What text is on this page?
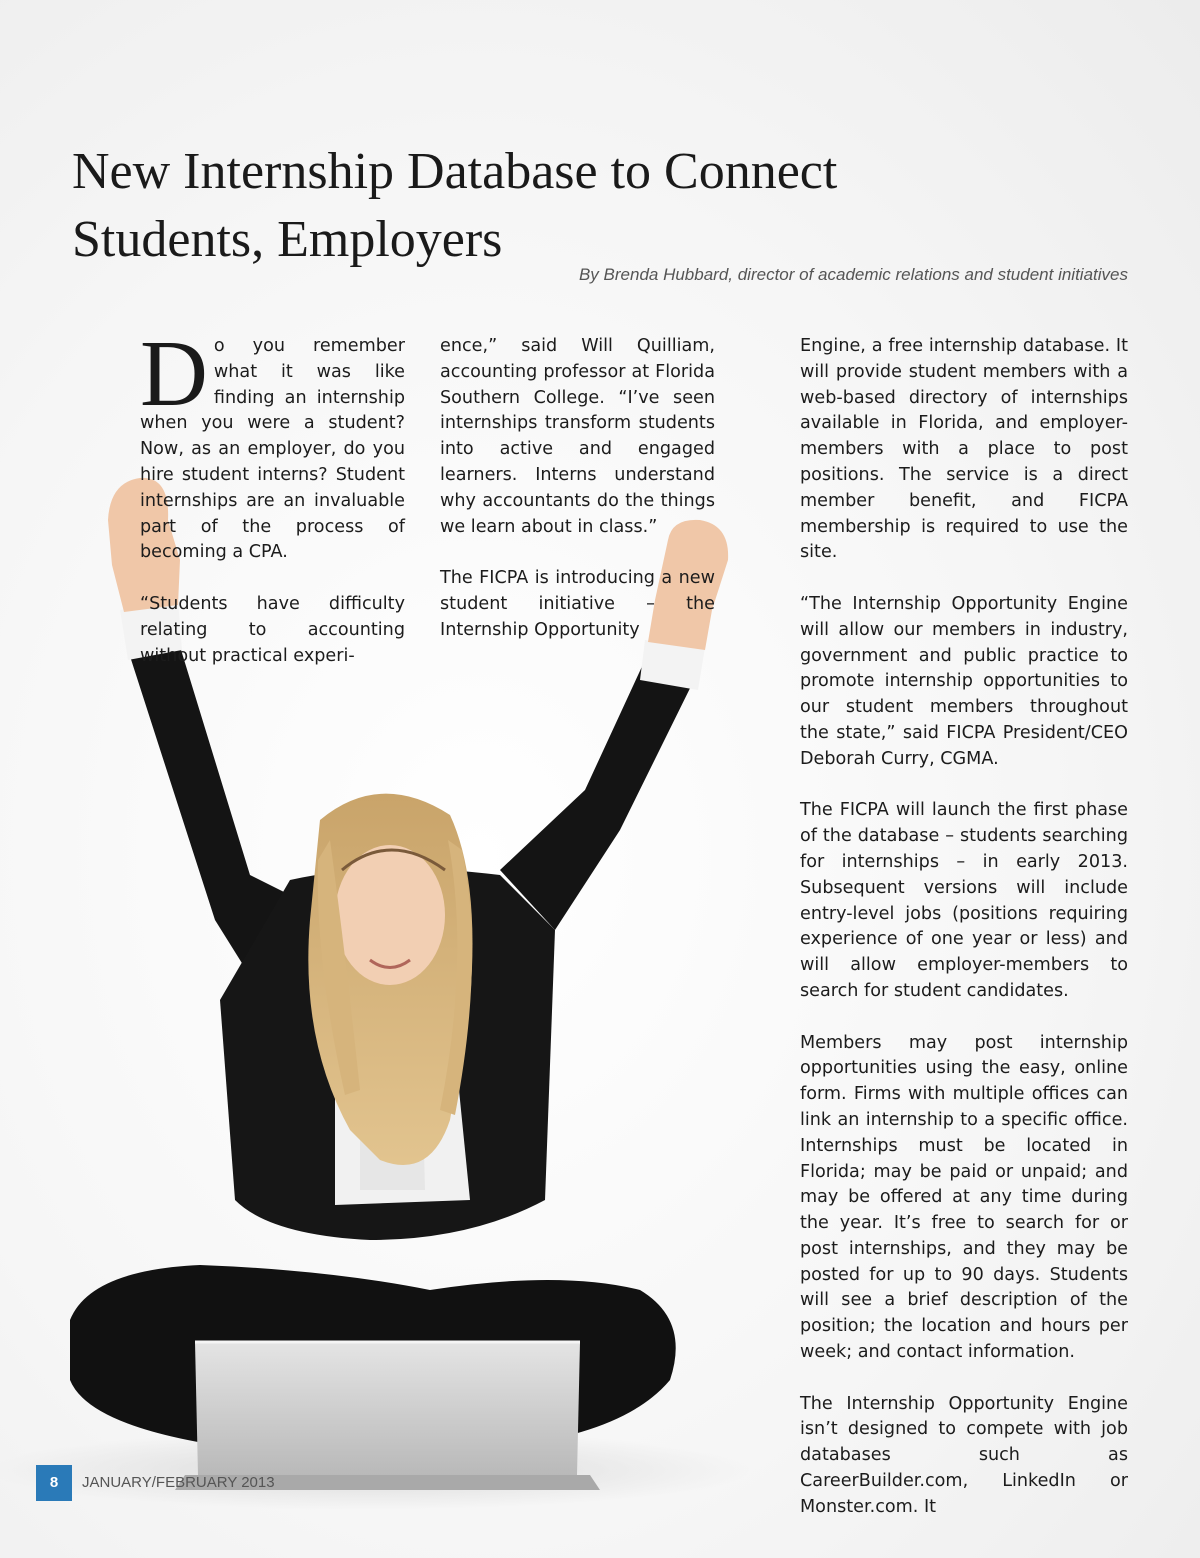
New Internship Database to Connect
Students, Employers

By Brenda Hubbard, director of academic relations and student initiatives

Do you remember what it was like finding an internship when you were a student? Now, as an employer, do you hire student interns? Student internships are an invaluable part of the process of becoming a CPA.

“Students have difficulty relating to accounting without practical experi-

ence,” said Will Quilliam, accounting professor at Florida Southern College. “I’ve seen internships transform students into active and engaged learners. Interns understand why accountants do the things we learn about in class.”

The FICPA is introducing a new student initiative – the Internship Opportunity

Engine, a free internship database. It will provide student members with a web-based directory of internships available in Florida, and employer-members with a place to post positions. The service is a direct member benefit, and FICPA membership is required to use the site.

“The Internship Opportunity Engine will allow our members in industry, government and public practice to promote internship opportunities to our student members throughout the state,” said FICPA President/CEO Deborah Curry, CGMA.

The FICPA will launch the first phase of the database – students searching for internships – in early 2013. Subsequent versions will include entry-level jobs (positions requiring experience of one year or less) and will allow employer-members to search for student candidates.

Members may post internship opportunities using the easy, online form. Firms with multiple offices can link an internship to a specific office. Internships must be located in Florida; may be paid or unpaid; and may be offered at any time during the year. It’s free to search for or post internships, and they may be posted for up to 90 days. Students will see a brief description of the position; the location and hours per week; and contact information.

The Internship Opportunity Engine isn’t designed to compete with job databases such as CareerBuilder.com, LinkedIn or Monster.com. It

8	JANUARY/FEBRUARY 2013
